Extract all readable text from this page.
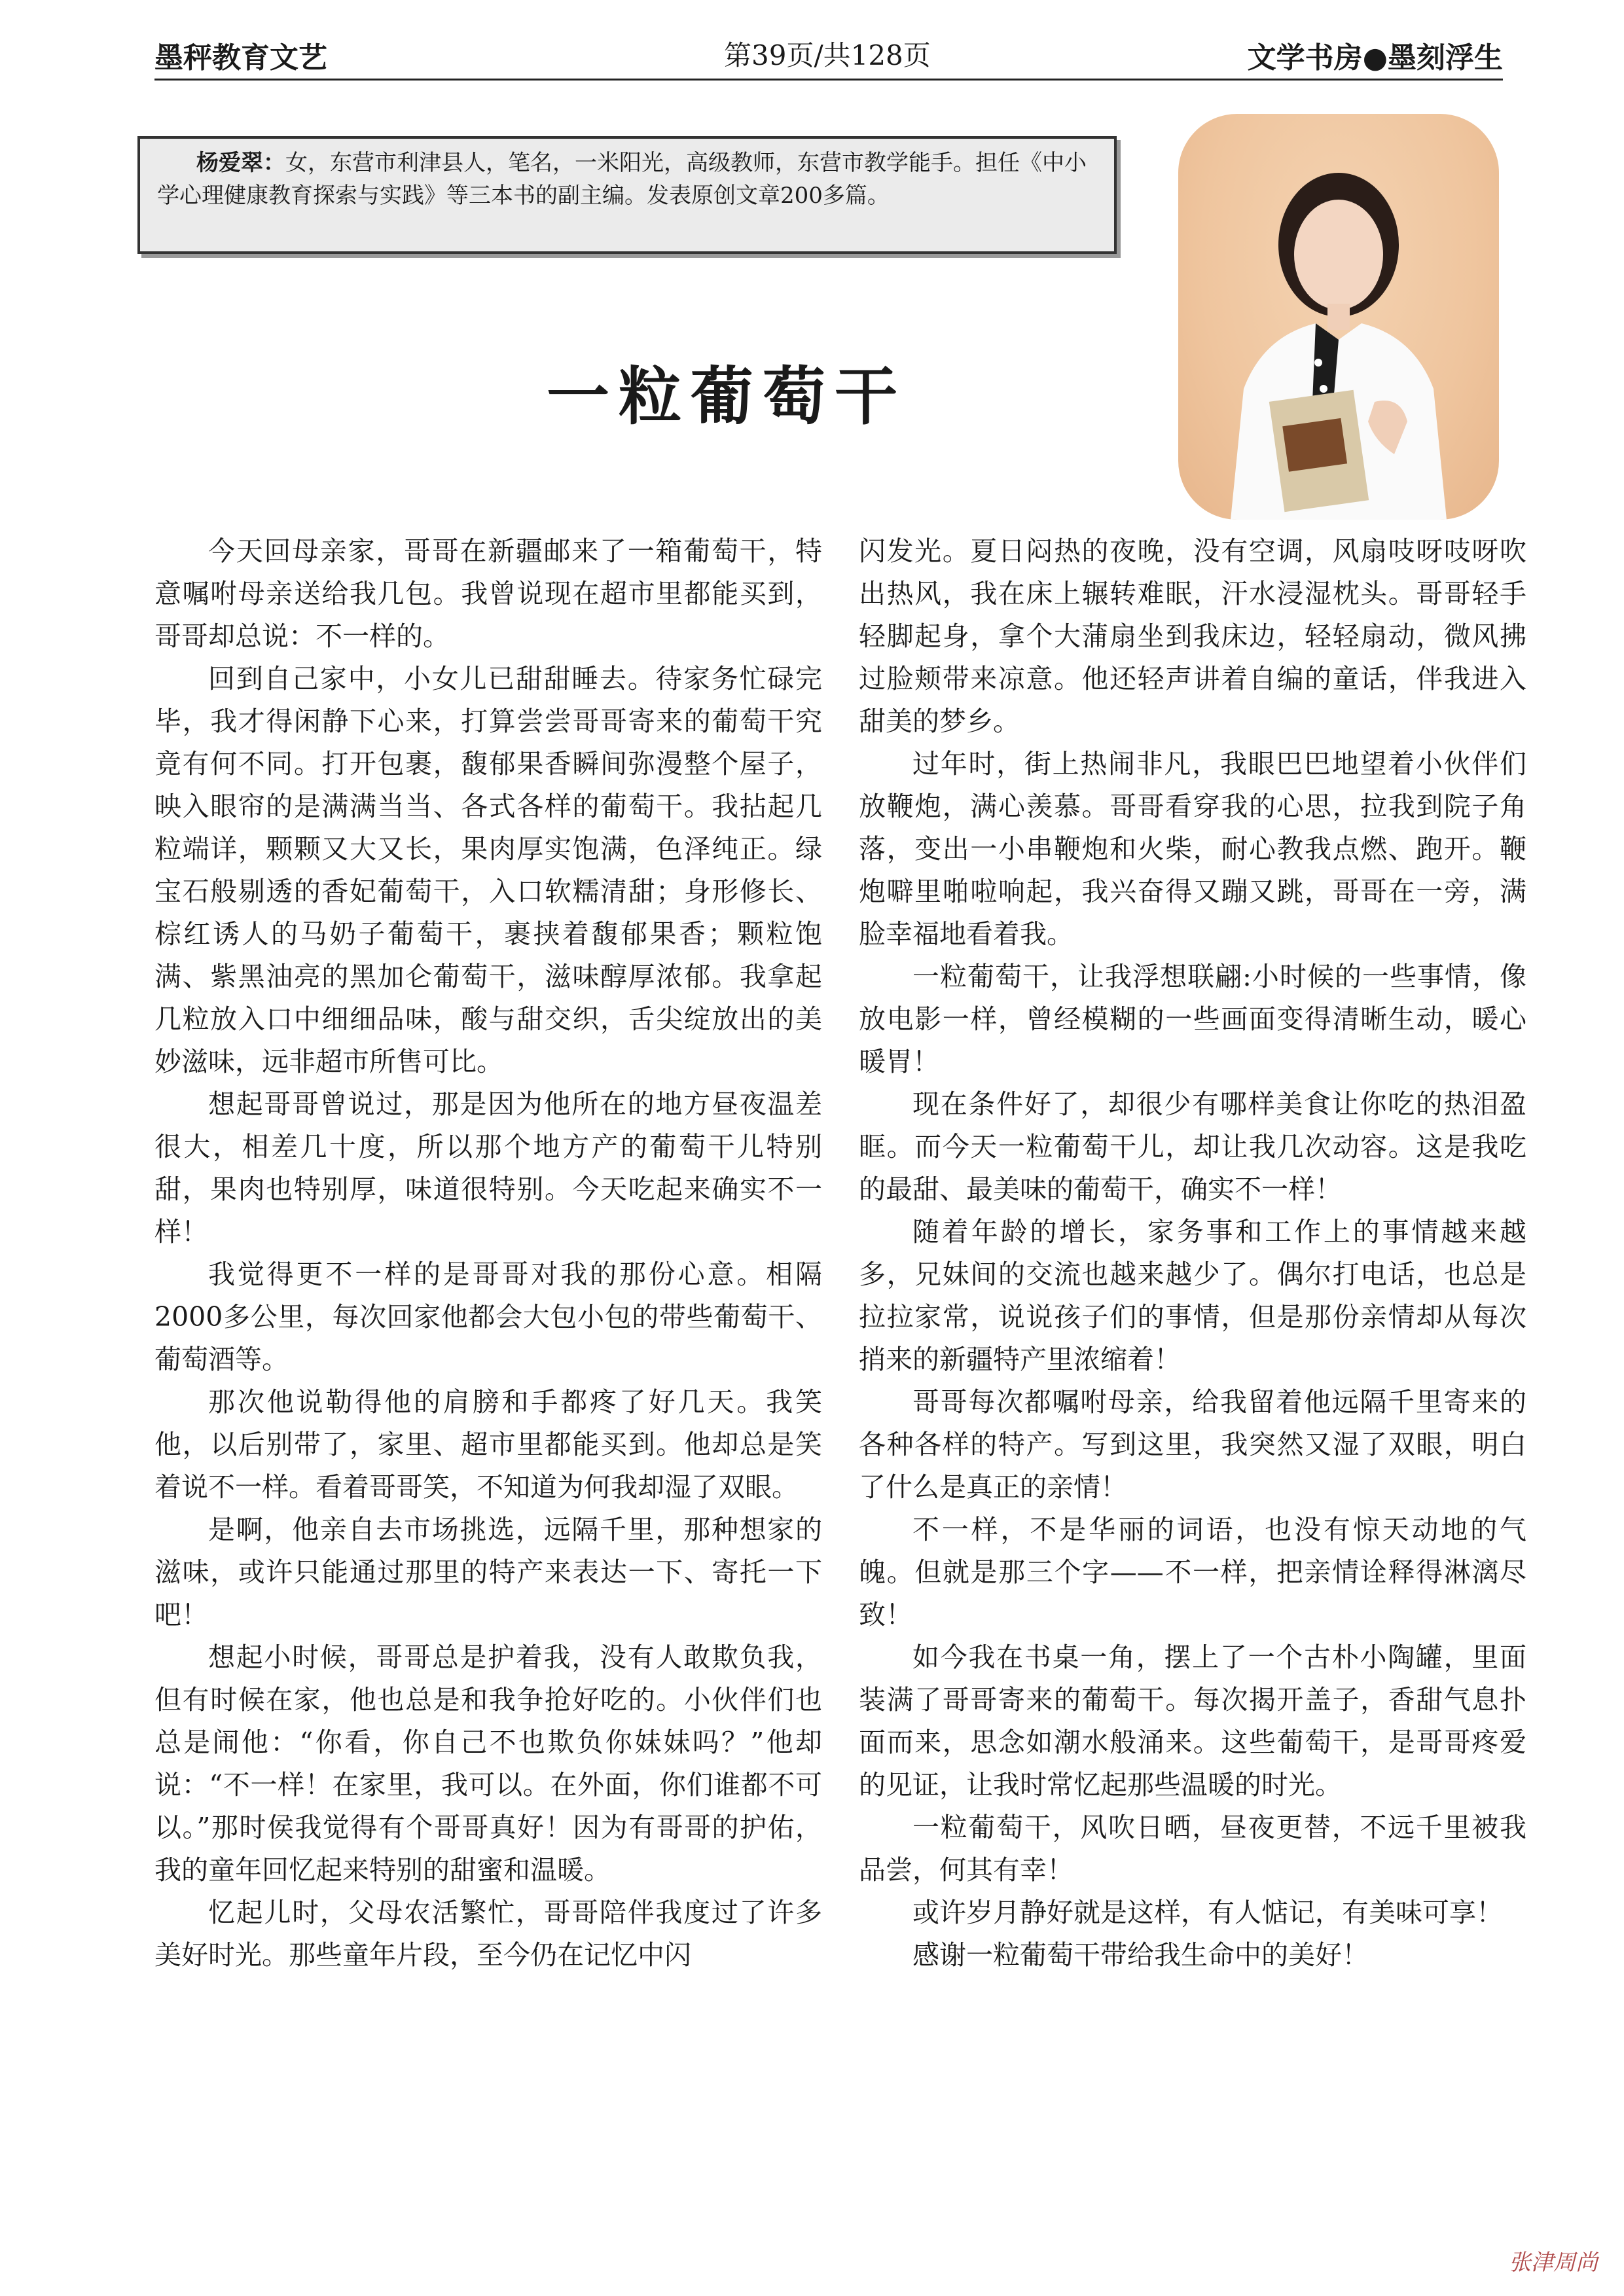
墨秤教育文艺	第39页/共128页	文学书房●墨刻浮生
杨爱翠：女，东营市利津县人，笔名，一米阳光，高级教师，东营市教学能手。担任《中小学心理健康教育探索与实践》等三本书的副主编。发表原创文章200多篇。
一粒葡萄干

今天回母亲家，哥哥在新疆邮来了一箱葡萄干，特意嘱咐母亲送给我几包。我曾说现在超市里都能买到，哥哥却总说：不一样的。

回到自己家中，小女儿已甜甜睡去。待家务忙碌完毕，我才得闲静下心来，打算尝尝哥哥寄来的葡萄干究竟有何不同。打开包裹，馥郁果香瞬间弥漫整个屋子，映入眼帘的是满满当当、各式各样的葡萄干。我拈起几粒端详，颗颗又大又长，果肉厚实饱满，色泽纯正。绿宝石般剔透的香妃葡萄干，入口软糯清甜；身形修长、棕红诱人的马奶子葡萄干，裹挟着馥郁果香；颗粒饱满、紫黑油亮的黑加仑葡萄干，滋味醇厚浓郁。我拿起几粒放入口中细细品味，酸与甜交织，舌尖绽放出的美妙滋味，远非超市所售可比。

想起哥哥曾说过，那是因为他所在的地方昼夜温差很大，相差几十度，所以那个地方产的葡萄干儿特别甜，果肉也特别厚，味道很特别。今天吃起来确实不一样！

我觉得更不一样的是哥哥对我的那份心意。相隔2000多公里，每次回家他都会大包小包的带些葡萄干、葡萄酒等。

那次他说勒得他的肩膀和手都疼了好几天。我笑他，以后别带了，家里、超市里都能买到。他却总是笑着说不一样。看着哥哥笑，不知道为何我却湿了双眼。

是啊，他亲自去市场挑选，远隔千里，那种想家的滋味，或许只能通过那里的特产来表达一下、寄托一下吧！

想起小时候，哥哥总是护着我，没有人敢欺负我，但有时候在家，他也总是和我争抢好吃的。小伙伴们也总是闹他：“你看，你自己不也欺负你妹妹吗？”他却说：“不一样！在家里，我可以。在外面，你们谁都不可以。”那时侯我觉得有个哥哥真好！因为有哥哥的护佑，我的童年回忆起来特别的甜蜜和温暖。

忆起儿时，父母农活繁忙，哥哥陪伴我度过了许多美好时光。那些童年片段，至今仍在记忆中闪

闪发光。夏日闷热的夜晚，没有空调，风扇吱呀吱呀吹出热风，我在床上辗转难眠，汗水浸湿枕头。哥哥轻手轻脚起身，拿个大蒲扇坐到我床边，轻轻扇动，微风拂过脸颊带来凉意。他还轻声讲着自编的童话，伴我进入甜美的梦乡。

过年时，街上热闹非凡，我眼巴巴地望着小伙伴们放鞭炮，满心羡慕。哥哥看穿我的心思，拉我到院子角落，变出一小串鞭炮和火柴，耐心教我点燃、跑开。鞭炮噼里啪啦响起，我兴奋得又蹦又跳，哥哥在一旁，满脸幸福地看着我。

一粒葡萄干，让我浮想联翩:小时候的一些事情，像放电影一样，曾经模糊的一些画面变得清晰生动，暖心暖胃！

现在条件好了，却很少有哪样美食让你吃的热泪盈眶。而今天一粒葡萄干儿，却让我几次动容。这是我吃的最甜、最美味的葡萄干，确实不一样！

随着年龄的增长，家务事和工作上的事情越来越多，兄妹间的交流也越来越少了。偶尔打电话，也总是拉拉家常，说说孩子们的事情，但是那份亲情却从每次捎来的新疆特产里浓缩着！

哥哥每次都嘱咐母亲，给我留着他远隔千里寄来的各种各样的特产。写到这里，我突然又湿了双眼，明白了什么是真正的亲情！

不一样，不是华丽的词语，也没有惊天动地的气魄。但就是那三个字——不一样，把亲情诠释得淋漓尽致！

如今我在书桌一角，摆上了一个古朴小陶罐，里面装满了哥哥寄来的葡萄干。每次揭开盖子，香甜气息扑面而来，思念如潮水般涌来。这些葡萄干，是哥哥疼爱的见证，让我时常忆起那些温暖的时光。

一粒葡萄干，风吹日晒，昼夜更替，不远千里被我品尝，何其有幸！

或许岁月静好就是这样，有人惦记，有美味可享！

感谢一粒葡萄干带给我生命中的美好！

张津周尚
